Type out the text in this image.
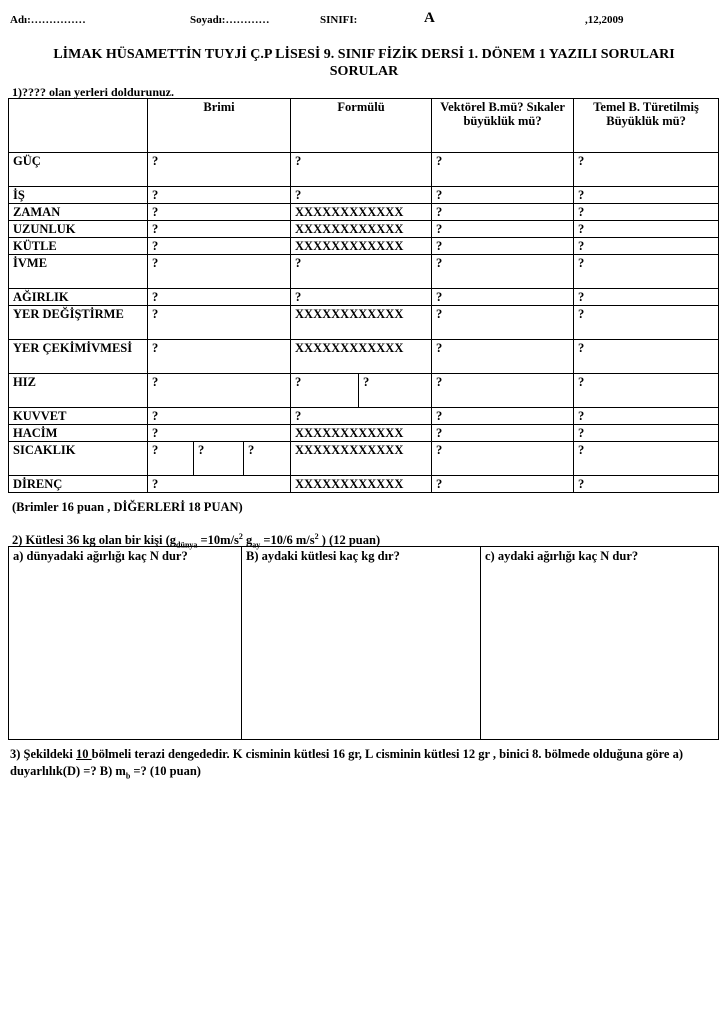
Adı:……………	Soyadı:…………	SINIFI:	A	,12,2009
LİMAK HÜSAMETTİN TUYJİ Ç.P LİSESİ 9. SINIF FİZİK DERSİ 1. DÖNEM 1 YAZILI SORULARI
SORULAR
1)???? olan yerleri doldurunuz.
	Brimi			Formülü		Vektörel B.mü? Sıkaler büyüklük mü?	Temel B. Türetilmiş Büyüklük mü?
GÜÇ	?			?		?	?
İŞ	?			?		?	?
ZAMAN	?			XXXXXXXXXXXX		?	?
UZUNLUK	?			XXXXXXXXXXXX		?	?
KÜTLE	?			XXXXXXXXXXXX		?	?
İVME	?			?		?	?
AĞIRLIK	?			?		?	?
YER DEĞİŞTİRME	?			XXXXXXXXXXXX		?	?
YER ÇEKİMİVMESİ	?			XXXXXXXXXXXX		?	?
HIZ	?			?	?	?	?
KUVVET	?			?		?	?
HACİM	?			XXXXXXXXXXXX		?	?
SICAKLIK	?	?	?	XXXXXXXXXXXX		?	?
DİRENÇ	?			XXXXXXXXXXXX		?	?
(Brimler 16 puan , DİĞERLERİ 18 PUAN)
2) Kütlesi 36 kg olan bir kişi ($g_{dünya} =10m/s^2$ $g_{ay} =10/6$ $m/s^2$ ) (12 puan)
a) dünyadaki ağırlığı kaç N dur?	B) aydaki kütlesi kaç kg dır?	c) aydaki ağırlığı kaç N dur?
3) Şekildeki 10 bölmeli terazi dengededir. K cisminin kütlesi 16 gr, L cisminin kütlesi 12 gr , binici 8. bölmede olduğuna göre a) duyarlılık(D) =? B) $m_b$ =? (10 puan)
